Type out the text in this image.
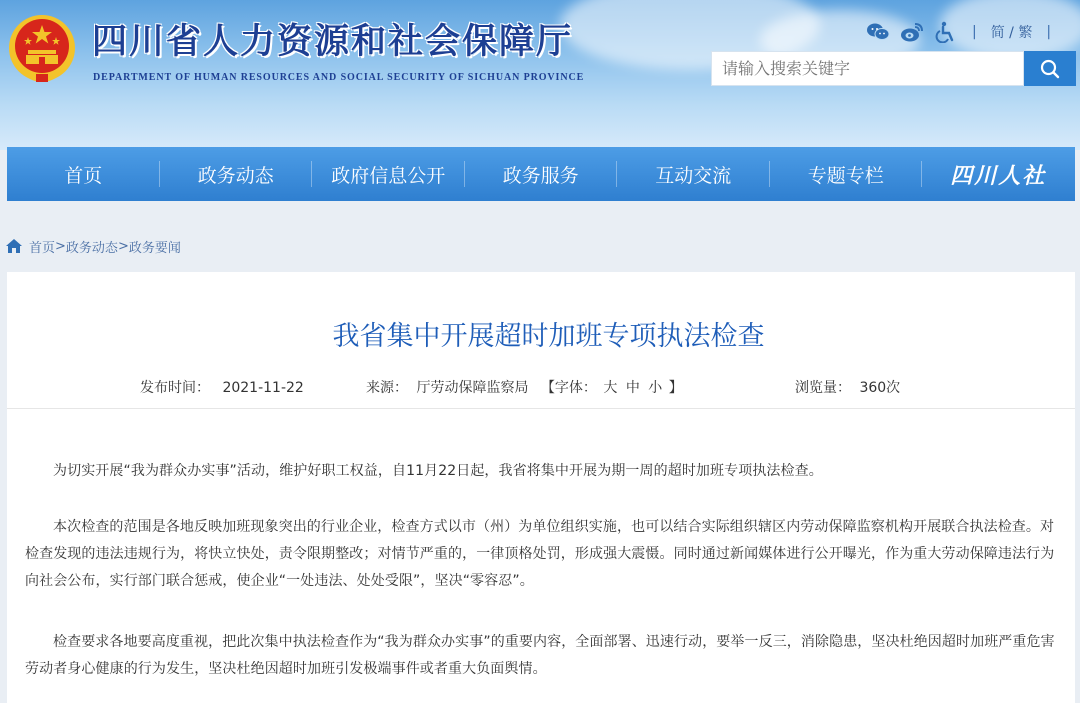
四川省人力资源和社会保障厅
DEPARTMENT OF HUMAN RESOURCES AND SOCIAL SECURITY OF SICHUAN PROVINCE
| 简 / 繁 |
请输入搜索关键字
首页	政务动态	政府信息公开	政务服务	互动交流	专题专栏	四川人社
首页 > 政务动态 > 政务要闻
我省集中开展超时加班专项执法检查
发布时间： 2021-11-22	来源： 厅劳动保障监察局 【字体： 大 中 小 】	浏览量： 360次

为切实开展“我为群众办实事”活动，维护好职工权益，自11月22日起，我省将集中开展为期一周的超时加班专项执法检查。

本次检查的范围是各地反映加班现象突出的行业企业，检查方式以市（州）为单位组织实施，也可以结合实际组织辖区内劳动保障监察机构开展联合执法检查。对检查发现的违法违规行为，将快立快处，责令限期整改；对情节严重的，一律顶格处罚，形成强大震慑。同时通过新闻媒体进行公开曝光，作为重大劳动保障违法行为向社会公布，实行部门联合惩戒，使企业“一处违法、处处受限”，坚决“零容忍”。

检查要求各地要高度重视，把此次集中执法检查作为“我为群众办实事”的重要内容，全面部署、迅速行动，要举一反三，消除隐患，坚决杜绝因超时加班严重危害劳动者身心健康的行为发生，坚决杜绝因超时加班引发极端事件或者重大负面舆情。
